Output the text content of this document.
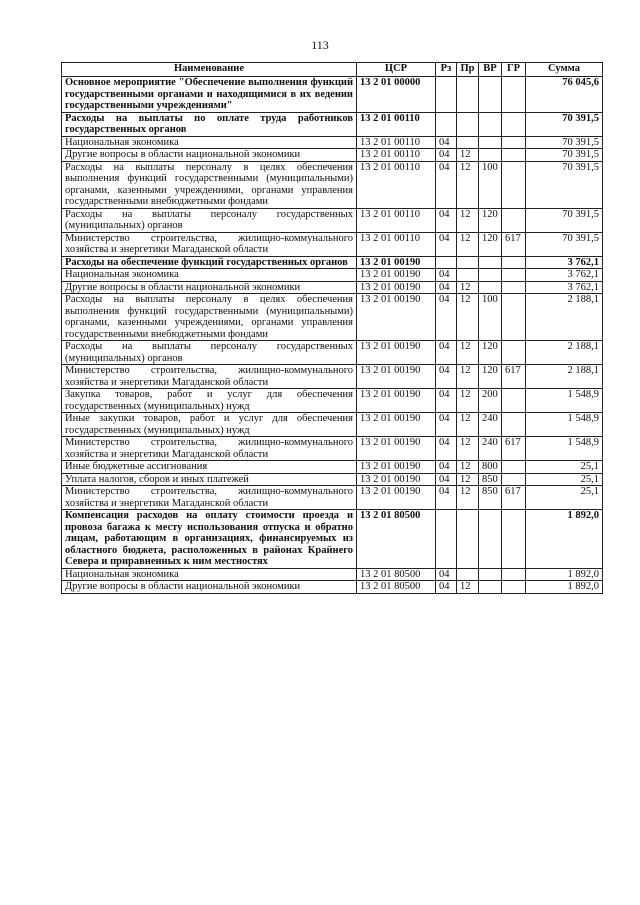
113
Наименование	ЦСР	Рз	Пр	ВР	ГР	Сумма
Основное мероприятие "Обеспечение выполнения функций государственными органами и находящимися в их ведении государственными учреждениями"	13 2 01 00000					76 045,6
Расходы на выплаты по оплате труда работников государственных органов	13 2 01 00110					70 391,5
Национальная экономика	13 2 01 00110	04				70 391,5
Другие вопросы в области национальной экономики	13 2 01 00110	04	12			70 391,5
Расходы на выплаты персоналу в целях обеспечения выполнения функций государственными (муниципальными) органами, казенными учреждениями, органами управления государственными внебюджетными фондами	13 2 01 00110	04	12	100		70 391,5
Расходы на выплаты персоналу государственных (муниципальных) органов	13 2 01 00110	04	12	120		70 391,5
Министерство строительства, жилищно-коммунального хозяйства и энергетики Магаданской области	13 2 01 00110	04	12	120	617	70 391,5
Расходы на обеспечение функций государственных органов	13 2 01 00190					3 762,1
Национальная экономика	13 2 01 00190	04				3 762,1
Другие вопросы в области национальной экономики	13 2 01 00190	04	12			3 762,1
Расходы на выплаты персоналу в целях обеспечения выполнения функций государственными (муниципальными) органами, казенными учреждениями, органами управления государственными внебюджетными фондами	13 2 01 00190	04	12	100		2 188,1
Расходы на выплаты персоналу государственных (муниципальных) органов	13 2 01 00190	04	12	120		2 188,1
Министерство строительства, жилищно-коммунального хозяйства и энергетики Магаданской области	13 2 01 00190	04	12	120	617	2 188,1
Закупка товаров, работ и услуг для обеспечения государственных (муниципальных) нужд	13 2 01 00190	04	12	200		1 548,9
Иные закупки товаров, работ и услуг для обеспечения государственных (муниципальных) нужд	13 2 01 00190	04	12	240		1 548,9
Министерство строительства, жилищно-коммунального хозяйства и энергетики Магаданской области	13 2 01 00190	04	12	240	617	1 548,9
Иные бюджетные ассигнования	13 2 01 00190	04	12	800		25,1
Уплата налогов, сборов и иных платежей	13 2 01 00190	04	12	850		25,1
Министерство строительства, жилищно-коммунального хозяйства и энергетики Магаданской области	13 2 01 00190	04	12	850	617	25,1
Компенсация расходов на оплату стоимости проезда и провоза багажа к месту использования отпуска и обратно лицам, работающим в организациях, финансируемых из областного бюджета, расположенных в районах Крайнего Севера и приравненных к ним местностях	13 2 01 80500					1 892,0
Национальная экономика	13 2 01 80500	04				1 892,0
Другие вопросы в области национальной экономики	13 2 01 80500	04	12			1 892,0
